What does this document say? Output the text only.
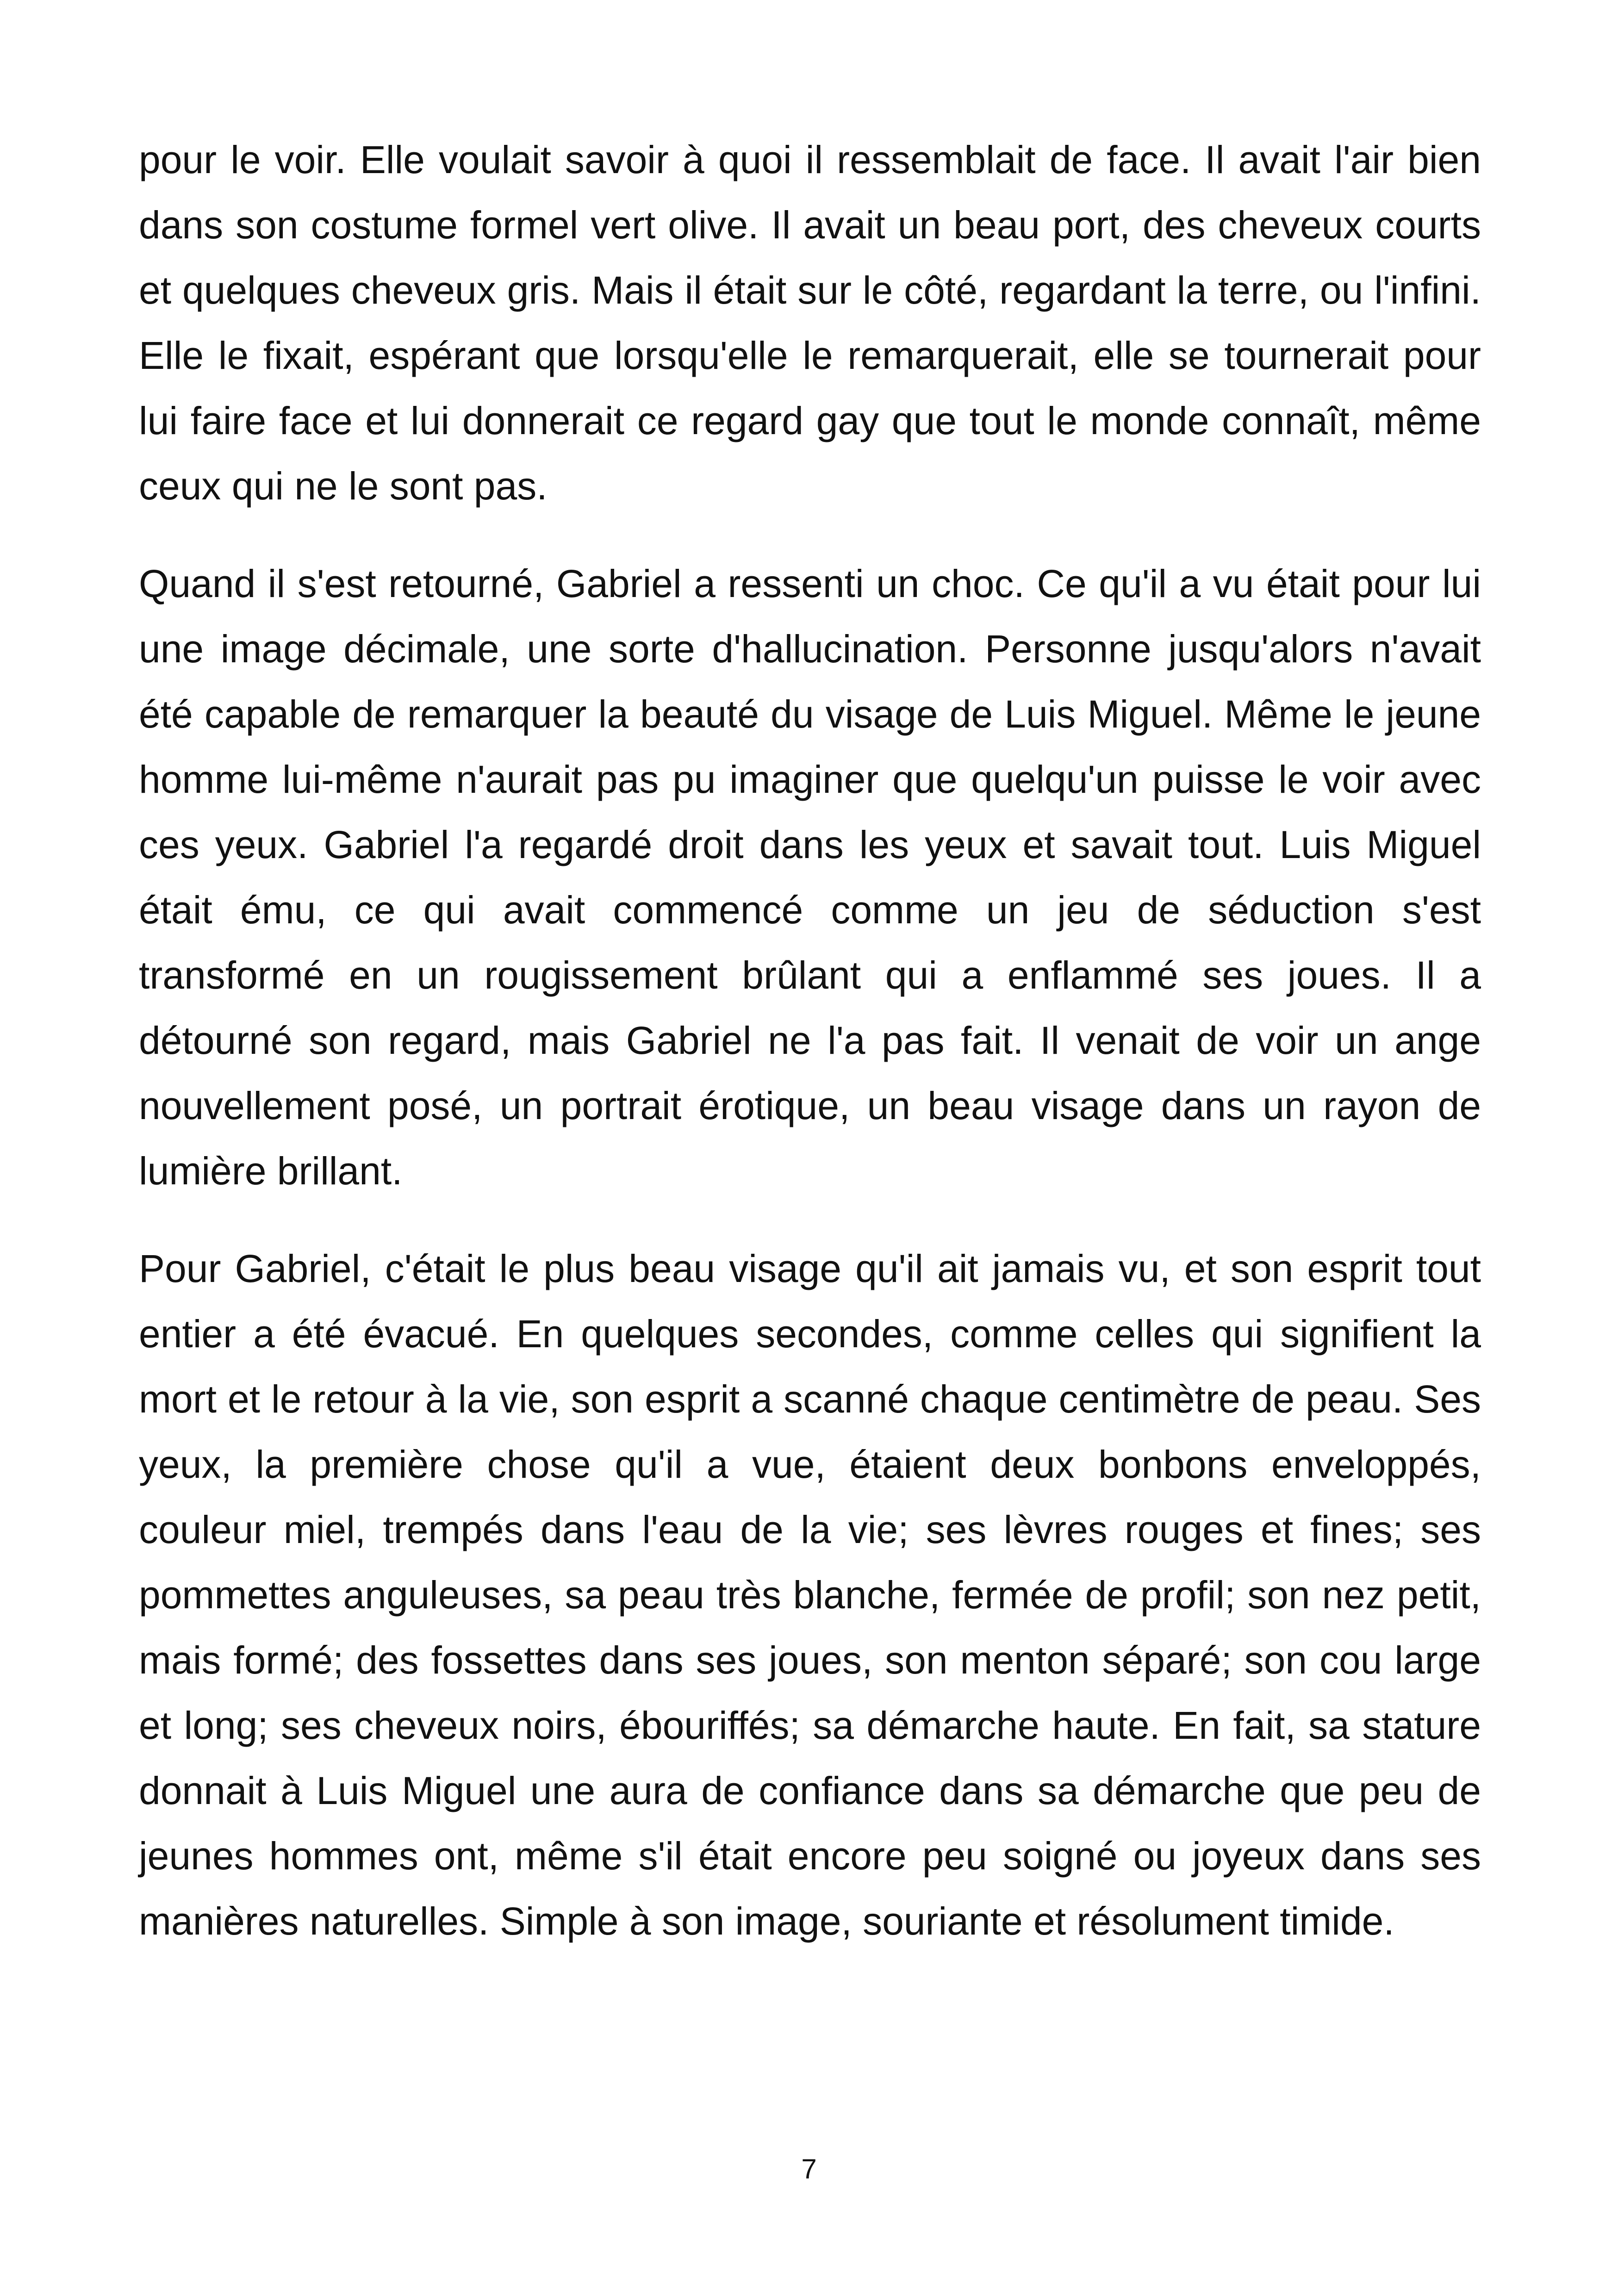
pour le voir. Elle voulait savoir à quoi il ressemblait de face. Il avait l'air bien dans son costume formel vert olive. Il avait un beau port, des cheveux courts et quelques cheveux gris. Mais il était sur le côté, regardant la terre, ou l'infini. Elle le fixait, espérant que lorsqu'elle le remarquerait, elle se tournerait pour lui faire face et lui donnerait ce regard gay que tout le monde connaît, même ceux qui ne le sont pas.

Quand il s'est retourné, Gabriel a ressenti un choc. Ce qu'il a vu était pour lui une image décimale, une sorte d'hallucination. Personne jusqu'alors n'avait été capable de remarquer la beauté du visage de Luis Miguel. Même le jeune homme lui-même n'aurait pas pu imaginer que quelqu'un puisse le voir avec ces yeux. Gabriel l'a regardé droit dans les yeux et savait tout. Luis Miguel était ému, ce qui avait commencé comme un jeu de séduction s'est transformé en un rougissement brûlant qui a enflammé ses joues. Il a détourné son regard, mais Gabriel ne l'a pas fait. Il venait de voir un ange nouvellement posé, un portrait érotique, un beau visage dans un rayon de lumière brillant.

Pour Gabriel, c'était le plus beau visage qu'il ait jamais vu, et son esprit tout entier a été évacué. En quelques secondes, comme celles qui signifient la mort et le retour à la vie, son esprit a scanné chaque centimètre de peau. Ses yeux, la première chose qu'il a vue, étaient deux bonbons enveloppés, couleur miel, trempés dans l'eau de la vie; ses lèvres rouges et fines; ses pommettes anguleuses, sa peau très blanche, fermée de profil; son nez petit, mais formé; des fossettes dans ses joues, son menton séparé; son cou large et long; ses cheveux noirs, ébouriffés; sa démarche haute. En fait, sa stature donnait à Luis Miguel une aura de confiance dans sa démarche que peu de jeunes hommes ont, même s'il était encore peu soigné ou joyeux dans ses manières naturelles. Simple à son image, souriante et résolument timide.

7
